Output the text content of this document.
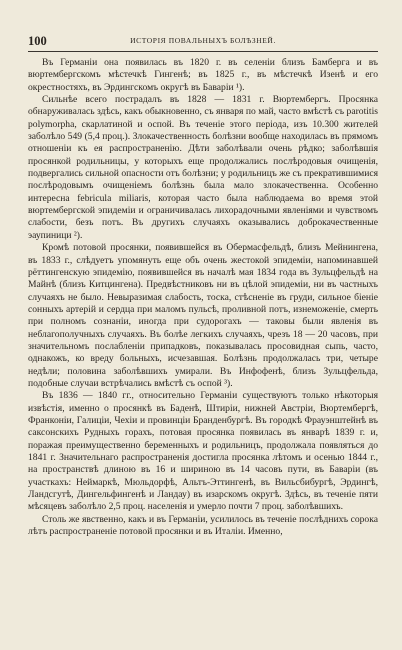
100	ИСТОРІЯ ПОВАЛЬНЫХЪ БОЛѢЗНЕЙ.

Въ Германіи она появилась въ 1820 г. въ селеніи близъ Бамберга и въ вюртембергскомъ мѣстечкѣ Гингенѣ; въ 1825 г., въ мѣстечкѣ Изенѣ и его окрестностяхъ, въ Эрдингскомъ округѣ въ Баваріи ¹).

Сильнѣе всего пострадалъ въ 1828 — 1831 г. Вюртембергъ. Просянка обнаруживалась здѣсь, какъ обыкновенно, съ января по май, часто вмѣстѣ съ parotitis polymorpha, скарлатиной и оспой. Въ теченіе этого періода, изъ 10.300 жителей заболѣло 549 (5,4 проц.). Злокачественность болѣзни вообще находилась въ прямомъ отношеніи къ ея распространенію. Дѣти заболѣвали очень рѣдко; заболѣвшія просянкой родильницы, у которыхъ еще продолжались послѣродовыя очищенія, подвергались сильной опасности отъ болѣзни; у родильницъ же съ прекратившимися послѣродовымъ очищеніемъ болѣзнь была мало злокачественна. Особенно интересна febricula miliaris, которая часто была наблюдаема во время этой вюртембергской эпидеміи и ограничивалась лихорадочными явленіями и чувствомъ слабости, безъ потъ. Въ другихъ случаяхъ оказывались доброкачественные эаупиници ²).

Кромѣ потовой просянки, появившейся въ Обермасфельдѣ, близъ Мейнингена, въ 1833 г., слѣдуетъ упомянуть еще объ очень жестокой эпидеміи, напоминавшей рёттингенскую эпидемію, появившейся въ началѣ мая 1834 года въ Зульцфельдѣ на Майнѣ (близъ Китцингена). Предвѣстниковъ ни въ цѣлой эпидеміи, ни въ частныхъ случаяхъ не было. Невыразимая слабость, тоска, стѣсненіе въ груди, сильное біеніе сонныхъ артерій и сердца при маломъ пульсѣ, проливной потъ, изнеможеніе, смерть при полномъ сознаніи, иногда при судорогахъ — таковы были явленія въ неблагополучныхъ случаяхъ. Въ болѣе легкихъ случаяхъ, чрезъ 18 — 20 часовъ, при значительномъ послабленіи припадковъ, показывалась просовидная сыпь, часто, однакожъ, ко вреду больныхъ, исчезавшая. Болѣзнь продолжалась три, четыре недѣли; половина заболѣвшихъ умирали. Въ Инфофенѣ, близъ Зульцфельда, подобные случаи встрѣчались вмѣстѣ съ оспой ³).

Въ 1836 — 1840 гг., относительно Германіи существуютъ только нѣкоторыя извѣстія, именно о просянкѣ въ Баденѣ, Штиріи, нижней Австріи, Вюртембергѣ, Франконіи, Галиціи, Чехіи и провинціи Бранденбургѣ. Въ городкѣ Фрауэнштейнѣ въ саксонскихъ Рудныхъ горахъ, потовая просянка появилась въ январѣ 1839 г. и, поражая преимущественно беременныхъ и родильницъ, продолжала появляться до 1841 г. Значительнаго распространенія достигла просянка лѣтомъ и осенью 1844 г., на пространствѣ длиною въ 16 и шириною въ 14 часовъ пути, въ Баваріи (въ участкахъ: Неймаркѣ, Мюльдорфѣ, Альтъ-Эттингенѣ, въ Вильсбибургѣ, Эрдингѣ, Ландсгутѣ, Дингельфингенѣ и Ландау) въ изарскомъ округѣ. Здѣсь, въ теченіе пяти мѣсяцевъ заболѣло 2,5 проц. населенія и умерло почти 7 проц. заболѣвшихъ.

Столь же явственно, какъ и въ Германіи, усилилось въ теченіе послѣднихъ сорока лѣтъ распространеніе потовой просянки и въ Италіи. Именно,
